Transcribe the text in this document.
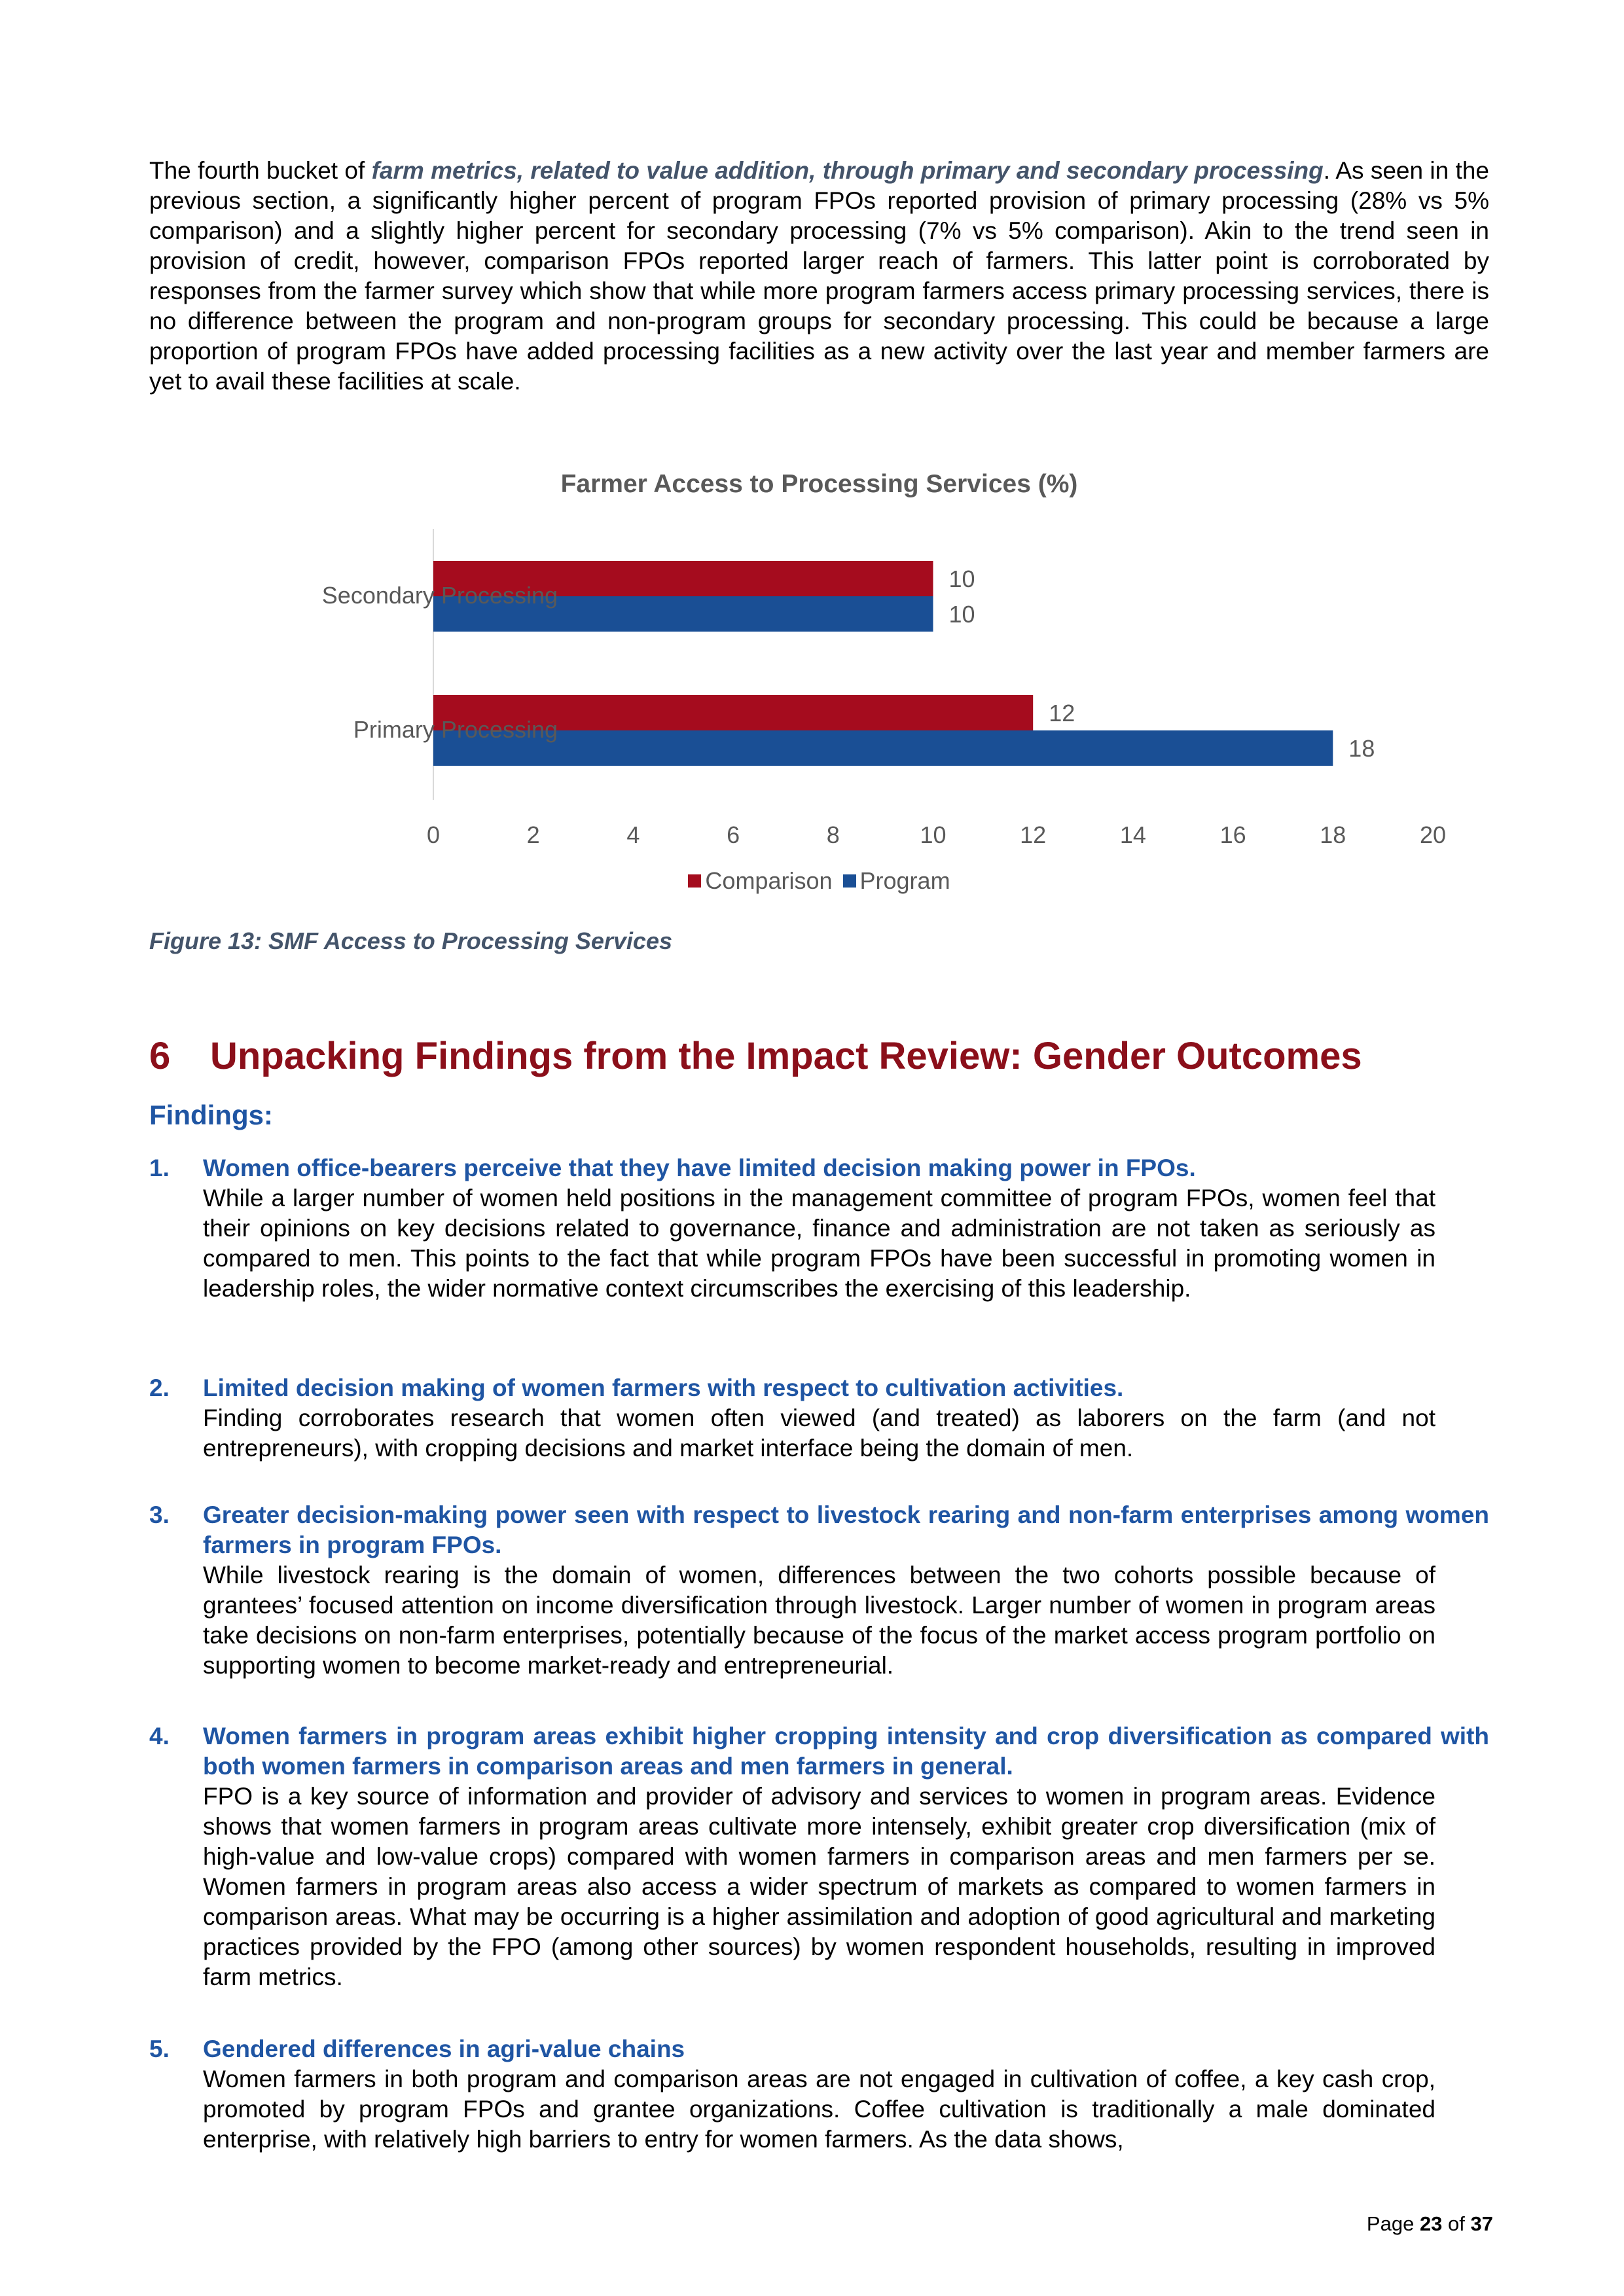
The fourth bucket of farm metrics, related to value addition, through primary and secondary processing. As seen in the previous section, a significantly higher percent of program FPOs reported provision of primary processing (28% vs 5% comparison) and a slightly higher percent for secondary processing (7% vs 5% comparison). Akin to the trend seen in provision of credit, however, comparison FPOs reported larger reach of farmers. This latter point is corroborated by responses from the farmer survey which show that while more program farmers access primary processing services, there is no difference between the program and non-program groups for secondary processing. This could be because a large proportion of program FPOs have added processing facilities as a new activity over the last year and member farmers are yet to avail these facilities at scale.

Farmer Access to Processing Services (%)
Secondary Processing
10
10
Primary Processing
12
18
0	2	4	6	8	10	12	14	16	18	20
Comparison Program
Figure 13: SMF Access to Processing Services
6 Unpacking Findings from the Impact Review: Gender Outcomes
Findings:
1. Women office-bearers perceive that they have limited decision making power in FPOs.
While a larger number of women held positions in the management committee of program FPOs, women feel that their opinions on key decisions related to governance, finance and administration are not taken as seriously as compared to men. This points to the fact that while program FPOs have been successful in promoting women in leadership roles, the wider normative context circumscribes the exercising of this leadership.
2. Limited decision making of women farmers with respect to cultivation activities.
Finding corroborates research that women often viewed (and treated) as laborers on the farm (and not entrepreneurs), with cropping decisions and market interface being the domain of men.
3. Greater decision-making power seen with respect to livestock rearing and non-farm enterprises among women farmers in program FPOs.
While livestock rearing is the domain of women, differences between the two cohorts possible because of grantees’ focused attention on income diversification through livestock. Larger number of women in program areas take decisions on non-farm enterprises, potentially because of the focus of the market access program portfolio on supporting women to become market-ready and entrepreneurial.
4. Women farmers in program areas exhibit higher cropping intensity and crop diversification as compared with both women farmers in comparison areas and men farmers in general.
FPO is a key source of information and provider of advisory and services to women in program areas. Evidence shows that women farmers in program areas cultivate more intensely, exhibit greater crop diversification (mix of high-value and low-value crops) compared with women farmers in comparison areas and men farmers per se. Women farmers in program areas also access a wider spectrum of markets as compared to women farmers in comparison areas. What may be occurring is a higher assimilation and adoption of good agricultural and marketing practices provided by the FPO (among other sources) by women respondent households, resulting in improved farm metrics.
5. Gendered differences in agri-value chains
Women farmers in both program and comparison areas are not engaged in cultivation of coffee, a key cash crop, promoted by program FPOs and grantee organizations. Coffee cultivation is traditionally a male dominated enterprise, with relatively high barriers to entry for women farmers. As the data shows,
Page 23 of 37
